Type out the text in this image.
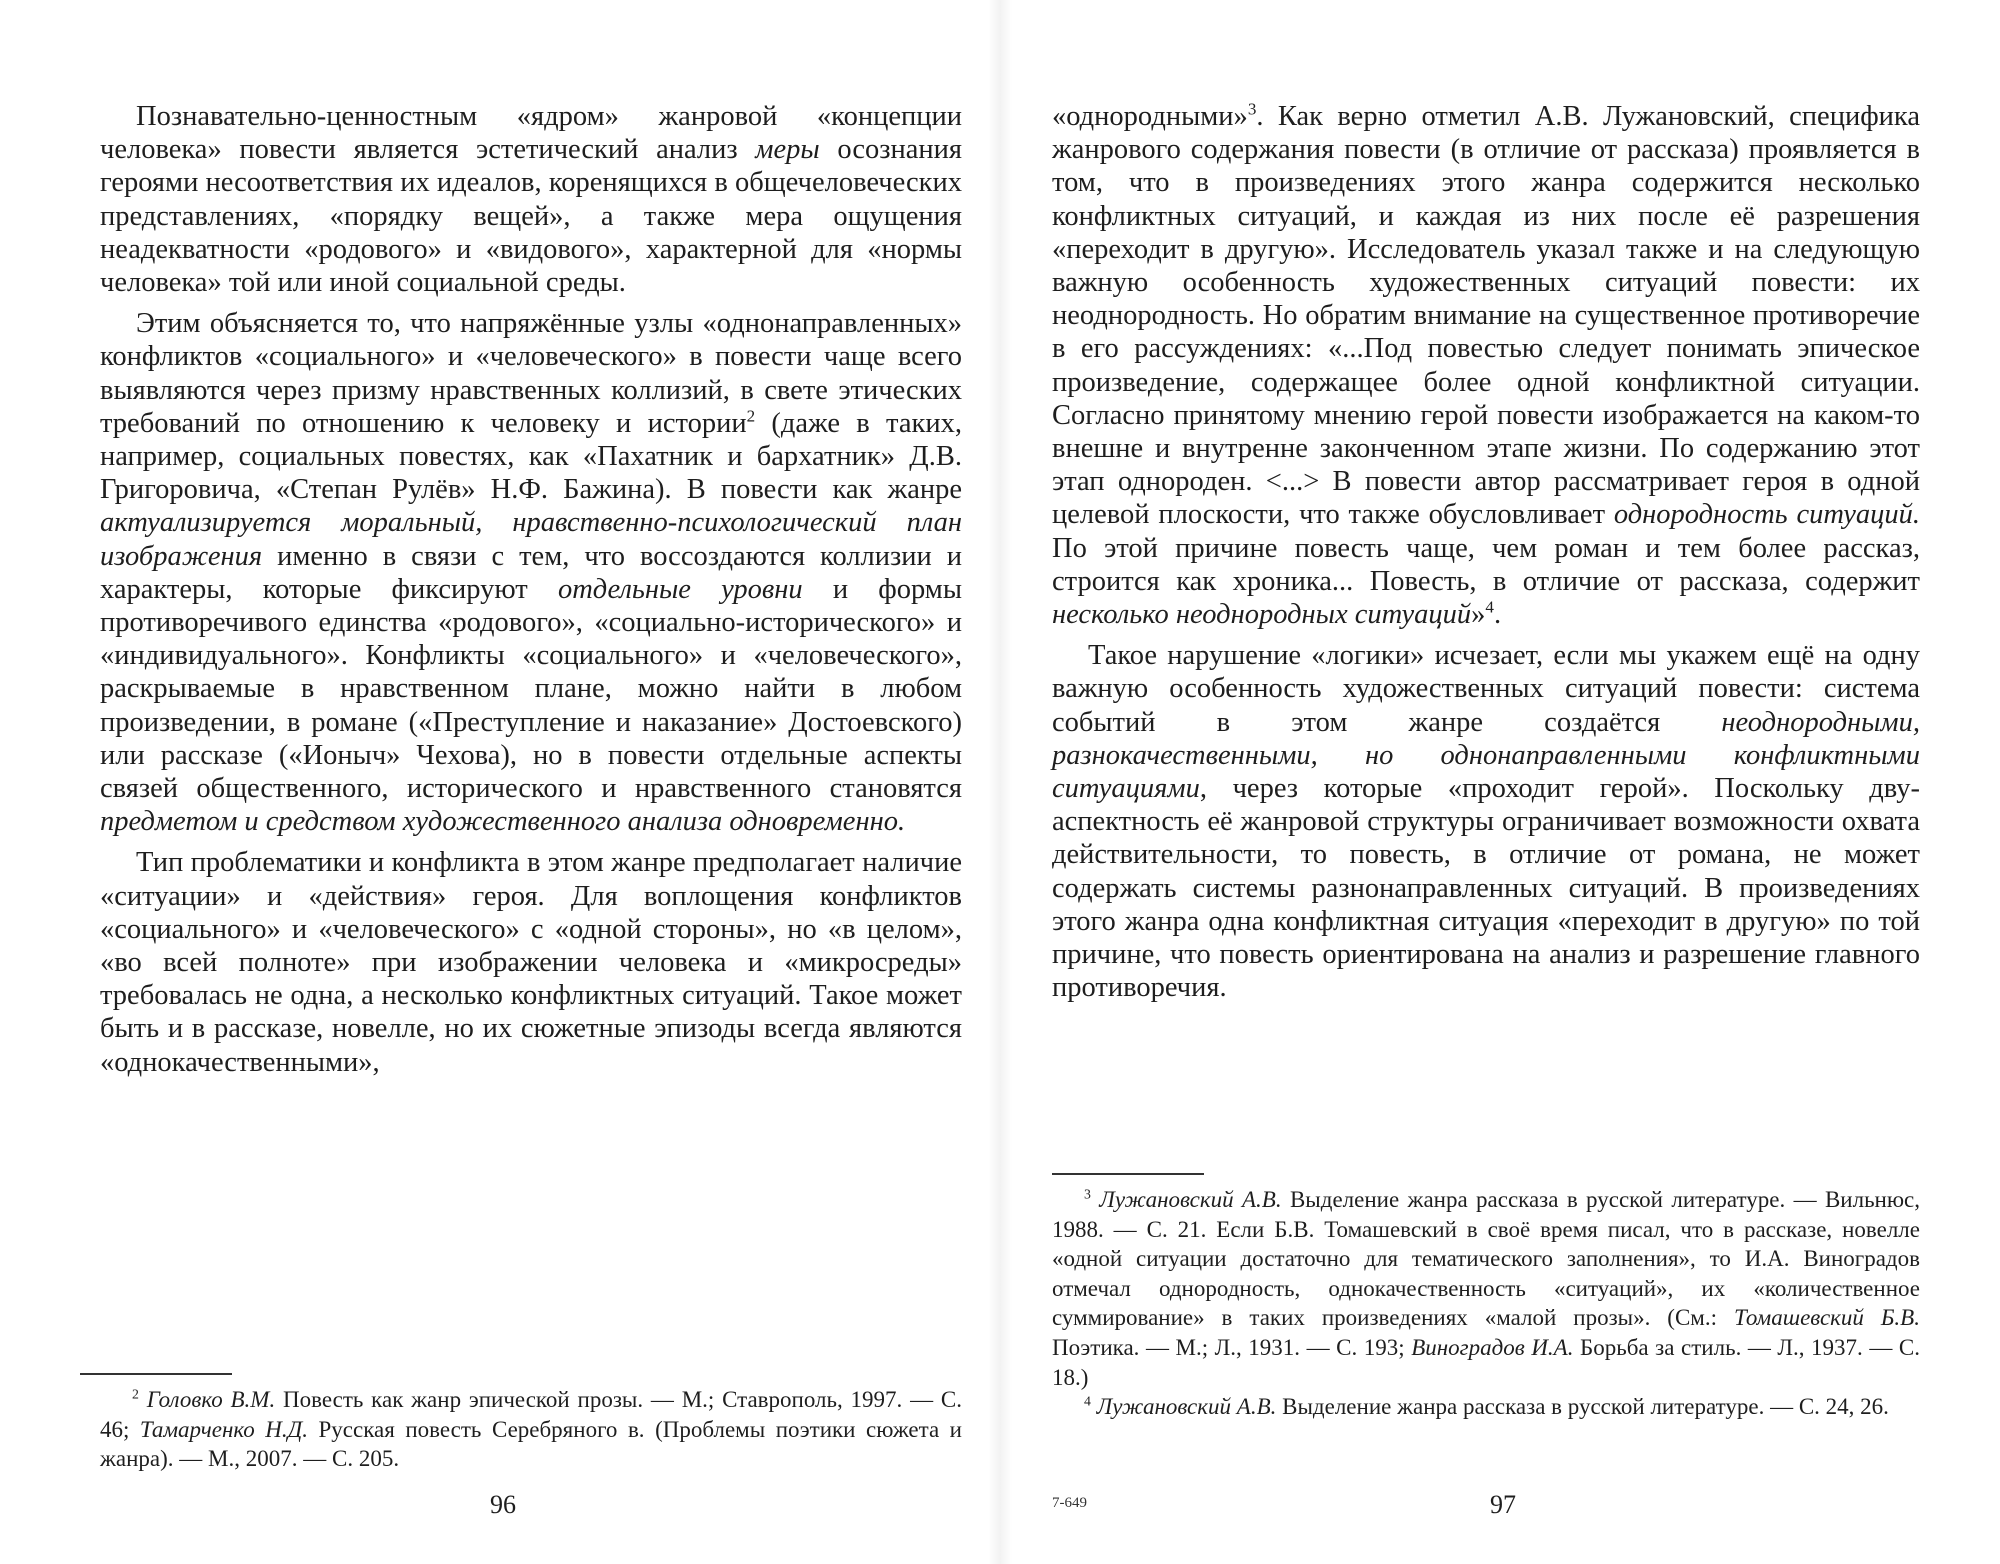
Познавательно-ценностным «ядром» жанровой «концепции человека» повести является эстетический анализ меры осознания героями несоответствия их идеалов, коренящихся в общечеловеческих представлениях, «порядку вещей», а также мера ощущения неадекватности «родового» и «видового», характерной для «нормы человека» той или иной социальной среды.

Этим объясняется то, что напряжённые узлы «однонаправленных» конфликтов «социального» и «человеческого» в повести чаще всего выявляются через призму нравственных коллизий, в свете этических требований по отношению к человеку и истории$^2$ (даже в таких, например, социальных повестях, как «Пахатник и бархатник» Д.В. Григоровича, «Степан Рулёв» Н.Ф. Бажина). В повести как жанре актуализируется моральный, нравственно-психологический план изображения именно в связи с тем, что воссоздаются коллизии и характеры, которые фиксируют отдельные уровни и формы противоречивого единства «родового», «социально-исторического» и «индивидуального». Конфликты «социального» и «человеческого», раскрываемые в нравственном плане, можно найти в любом произведении, в романе («Преступление и наказание» Достоевского) или рассказе («Ионыч» Чехова), но в повести отдельные аспекты связей общественного, исторического и нравственного становятся предметом и средством художественного анализа одновременно.

Тип проблематики и конфликта в этом жанре предполагает наличие «ситуации» и «действия» героя. Для воплощения конфликтов «социального» и «человеческого» с «одной стороны», но «в целом», «во всей полноте» при изображении человека и «микросреды» требовалась не одна, а несколько конфликтных ситуаций. Такое может быть и в рассказе, новелле, но их сюжетные эпизоды всегда являются «однокачественными»,

$^2$ Головко В.М. Повесть как жанр эпической прозы. — М.; Ставрополь, 1997. — С. 46; Тамарченко Н.Д. Русская повесть Серебряного в. (Проблемы поэтики сюжета и жанра). — М., 2007. — С. 205.

96

«однородными»$^3$. Как верно отметил А.В. Лужановский, специфика жанрового содержания повести (в отличие от рассказа) проявляется в том, что в произведениях этого жанра содержится несколько конфликтных ситуаций, и каждая из них после её разрешения «переходит в другую». Исследователь указал также и на следующую важную особенность художественных ситуаций повести: их неоднородность. Но обратим внимание на существенное противоречие в его рассуждениях: «...Под повестью следует понимать эпическое произведение, содержащее более одной конфликтной ситуации. Согласно принятому мнению герой повести изображается на каком-то внешне и внутренне законченном этапе жизни. По содержанию этот этап однороден. <...> В повести автор рассматривает героя в одной целевой плоскости, что также обусловливает однородность ситуаций. По этой причине повесть чаще, чем роман и тем более рассказ, строится как хроника... Повесть, в отличие от рассказа, содержит несколько неоднородных ситуаций»$^4$.

Такое нарушение «логики» исчезает, если мы укажем ещё на одну важную особенность художественных ситуаций повести: система событий в этом жанре создаётся неоднородными, разнокачественными, но однонаправленными конфликтными ситуациями, через которые «проходит герой». Поскольку двуаспектность её жанровой структуры ограничивает возможности охвата действительности, то повесть, в отличие от романа, не может содержать системы разнонаправленных ситуаций. В произведениях этого жанра одна конфликтная ситуация «переходит в другую» по той причине, что повесть ориентирована на анализ и разрешение главного противоречия.

$^3$ Лужановский А.В. Выделение жанра рассказа в русской литературе. — Вильнюс, 1988. — С. 21. Если Б.В. Томашевский в своё время писал, что в рассказе, новелле «одной ситуации достаточно для тематического заполнения», то И.А. Виноградов отмечал однородность, однокачественность «ситуаций», их «количественное суммирование» в таких произведениях «малой прозы». (См.: Томашевский Б.В. Поэтика. — М.; Л., 1931. — С. 193; Виноградов И.А. Борьба за стиль. — Л., 1937. — С. 18.)

$^4$ Лужановский А.В. Выделение жанра рассказа в русской литературе. — С. 24, 26.

7-649	97
